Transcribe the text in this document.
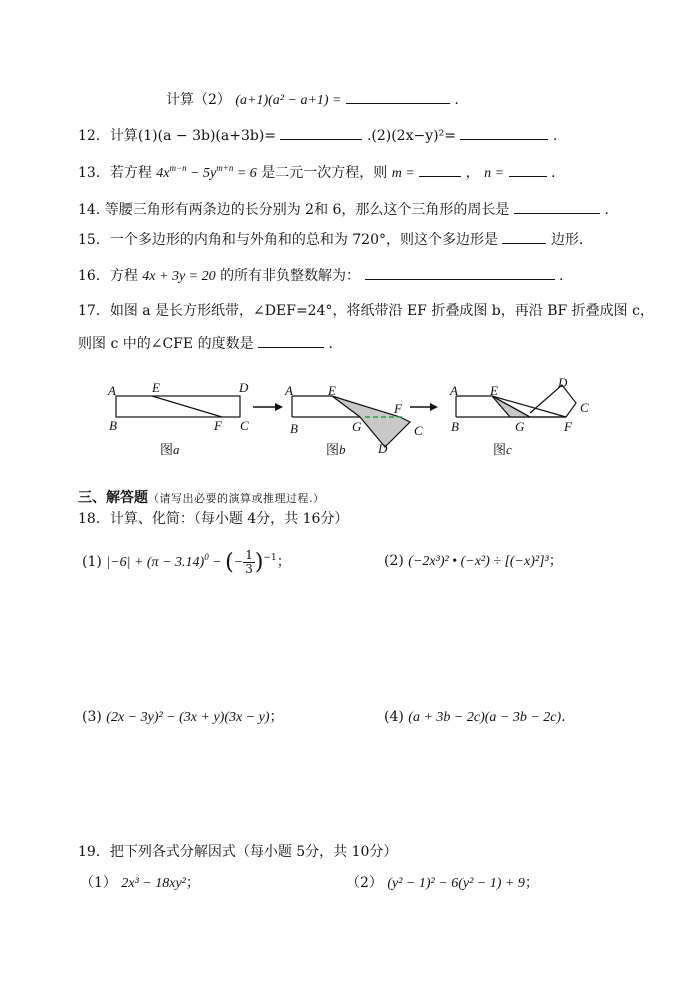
计算（2） (a+1)(a² − a+1) =	.
12．计算(1)(a − 3b)(a+3b)=	.(2)(2x−y)²=	.
13．若方程 $4x^{m-n} - 5y^{m+n} = 6$ 是二元一次方程，则 m =	， n =	.
14. 等腰三角形有两条边的长分别为 2和 6，那么这个三角形的周长是	.
15．一个多边形的内角和与外角和的总和为 720°，则这个多边形是	边形.
16．方程 4x + 3y = 20 的所有非负整数解为：	.
17．如图 a 是长方形纸带，∠DEF=24°，将纸带沿 EF 折叠成图 b，再沿 BF 折叠成图 c，
则图 c 中的∠CFE 的度数是	.
A	E	D
B	F C
A	E
F
B	G	C
D
A E
D
C
B	G	F
图a	图b	图c
三、解答题（请写出必要的演算或推理过程.）
18．计算、化简：（每小题 4分，共 16分）
(1) $|-6| + (\pi - 3.14)^0$ − (− $\frac{1}{3} )^{-1}$；	(2) (−2x³)² • (−x²) ÷ [(−x)²]³；
(3) (2x − 3y)² − (3x + y)(3x − y)；	(4) (a + 3b − 2c)(a − 3b − 2c).
19．把下列各式分解因式（每小题 5分，共 10分）
（1） 2x³ − 18xy²；	（2） (y² − 1)² − 6(y² − 1) + 9；
